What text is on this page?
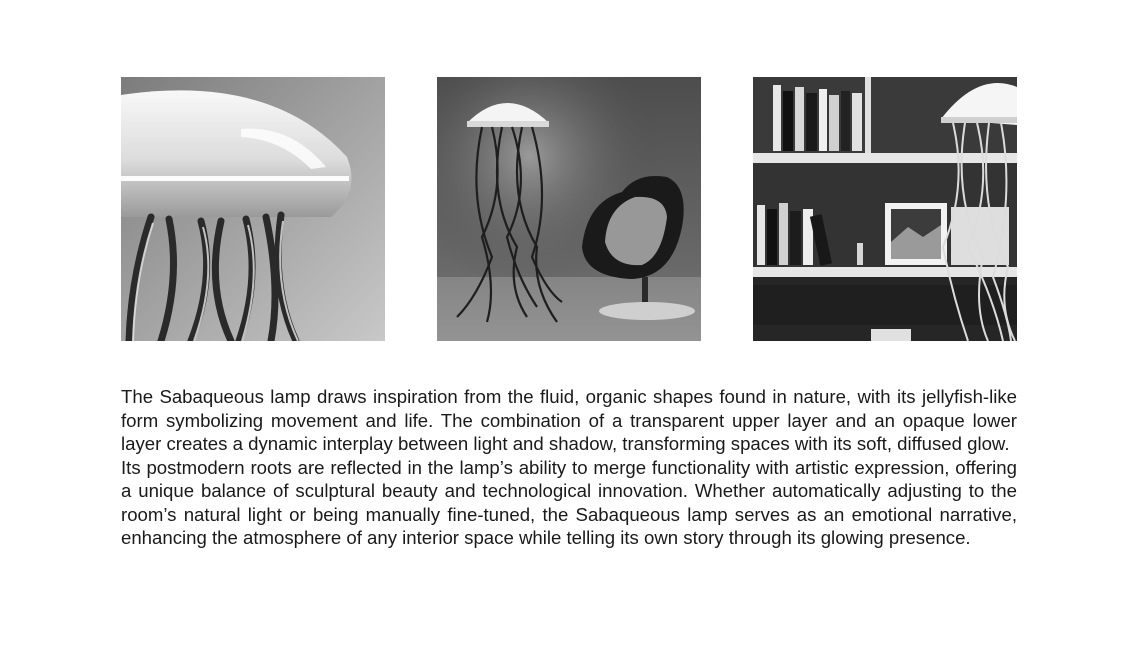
The Sabaqueous lamp draws inspiration from the fluid, organic shapes found in nature, with its jellyfish-like form symbolizing movement and life. The combination of a transparent upper layer and an opaque lower layer creates a dynamic interplay between light and shadow, transforming spaces with its soft, diffused glow.

Its postmodern roots are reflected in the lamp’s ability to merge functionality with artistic expression, offering a unique balance of sculptural beauty and technological innovation. Whether automatically adjusting to the room’s natural light or being manually fine-tuned, the Sabaqueous lamp serves as an emotional narrative, enhancing the atmosphere of any interior space while telling its own story through its glowing presence.
